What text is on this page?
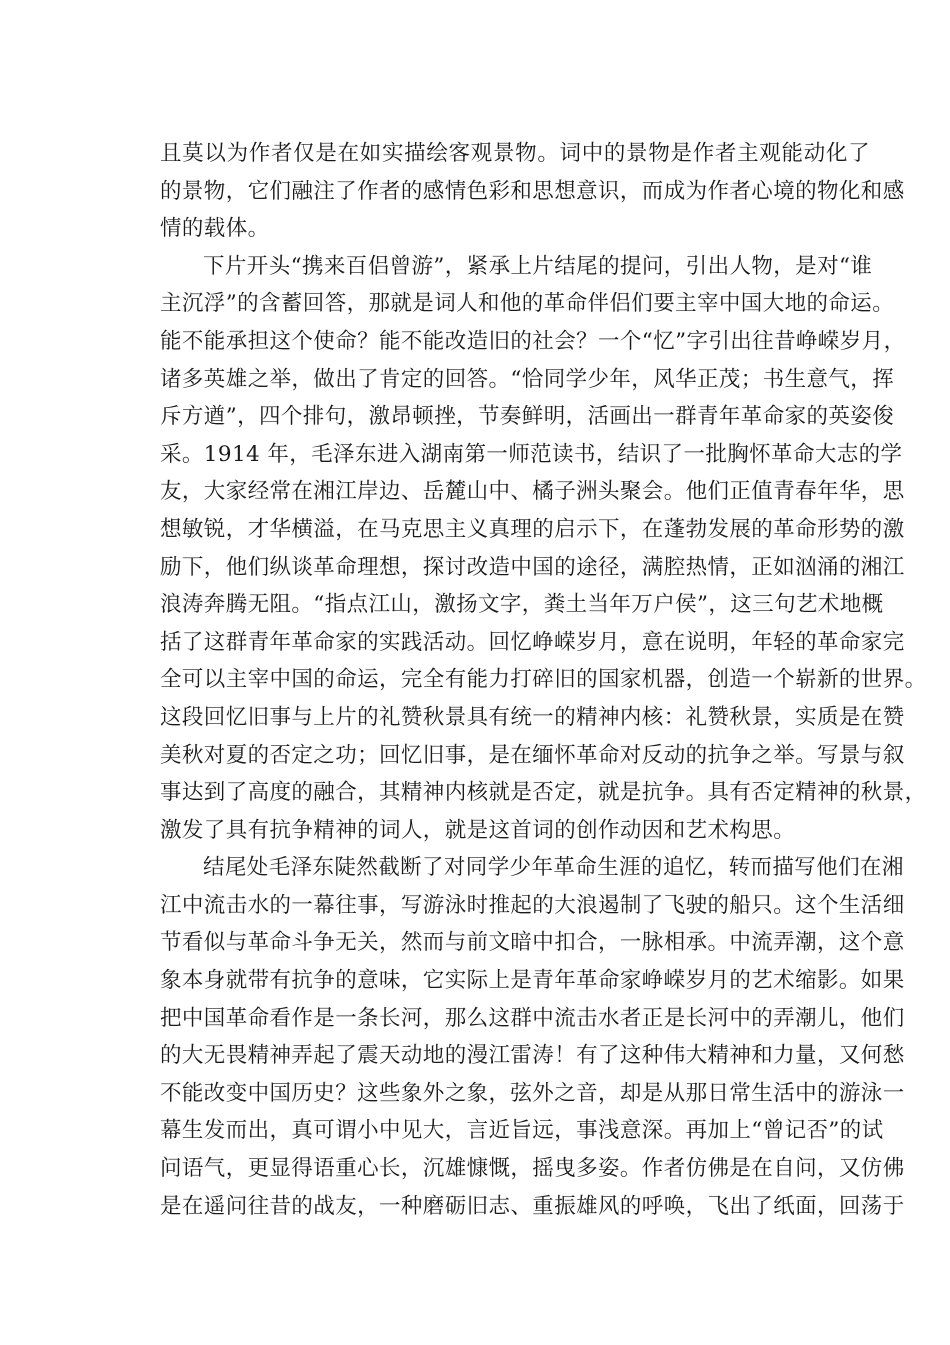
且莫以为作者仅是在如实描绘客观景物。词中的景物是作者主观能动化了
的景物，它们融注了作者的感情色彩和思想意识，而成为作者心境的物化和感
情的载体。
下片开头“携来百侣曾游”，紧承上片结尾的提问，引出人物，是对“谁
主沉浮”的含蓄回答，那就是词人和他的革命伴侣们要主宰中国大地的命运。
能不能承担这个使命？能不能改造旧的社会？一个“忆”字引出往昔峥嵘岁月，
诸多英雄之举，做出了肯定的回答。“恰同学少年，风华正茂；书生意气，挥
斥方遒”，四个排句，激昂顿挫，节奏鲜明，活画出一群青年革命家的英姿俊
采。1914 年，毛泽东进入湖南第一师范读书，结识了一批胸怀革命大志的学
友，大家经常在湘江岸边、岳麓山中、橘子洲头聚会。他们正值青春年华，思
想敏锐，才华横溢，在马克思主义真理的启示下，在蓬勃发展的革命形势的激
励下，他们纵谈革命理想，探讨改造中国的途径，满腔热情，正如汹涌的湘江
浪涛奔腾无阻。“指点江山，激扬文字，粪土当年万户侯”，这三句艺术地概
括了这群青年革命家的实践活动。回忆峥嵘岁月，意在说明，年轻的革命家完
全可以主宰中国的命运，完全有能力打碎旧的国家机器，创造一个崭新的世界。
这段回忆旧事与上片的礼赞秋景具有统一的精神内核：礼赞秋景，实质是在赞
美秋对夏的否定之功；回忆旧事，是在缅怀革命对反动的抗争之举。写景与叙
事达到了高度的融合，其精神内核就是否定，就是抗争。具有否定精神的秋景，
激发了具有抗争精神的词人，就是这首词的创作动因和艺术构思。
结尾处毛泽东陡然截断了对同学少年革命生涯的追忆，转而描写他们在湘
江中流击水的一幕往事，写游泳时推起的大浪遏制了飞驶的船只。这个生活细
节看似与革命斗争无关，然而与前文暗中扣合，一脉相承。中流弄潮，这个意
象本身就带有抗争的意味，它实际上是青年革命家峥嵘岁月的艺术缩影。如果
把中国革命看作是一条长河，那么这群中流击水者正是长河中的弄潮儿，他们
的大无畏精神弄起了震天动地的漫江雷涛！有了这种伟大精神和力量，又何愁
不能改变中国历史？这些象外之象，弦外之音，却是从那日常生活中的游泳一
幕生发而出，真可谓小中见大，言近旨远，事浅意深。再加上“曾记否”的试
问语气，更显得语重心长，沉雄慷慨，摇曳多姿。作者仿佛是在自问，又仿佛
是在遥问往昔的战友，一种磨砺旧志、重振雄风的呼唤，飞出了纸面，回荡于
